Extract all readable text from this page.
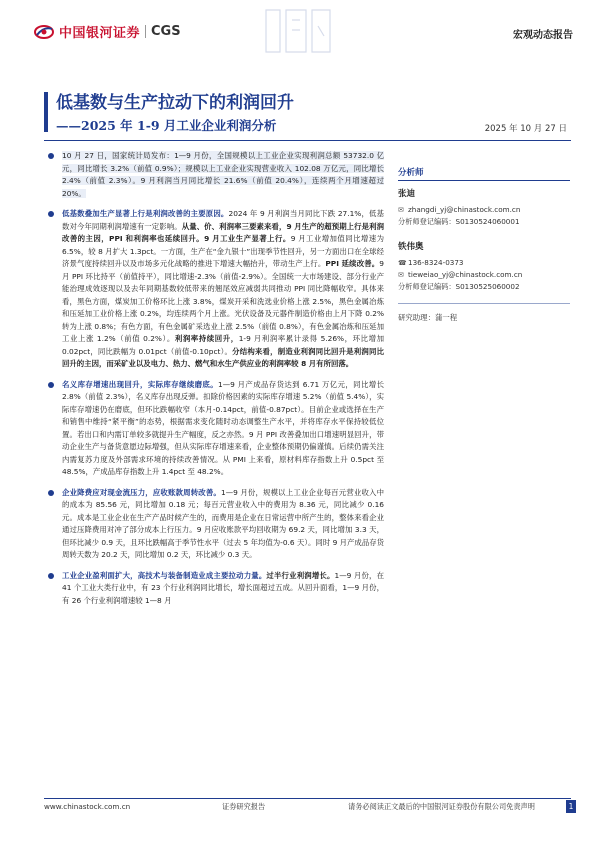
中国银河证券 CGS	宏观动态报告
低基数与生产拉动下的利润回升
——2025 年 1-9 月工业企业利润分析	2025 年 10 月 27 日
10 月 27 日，国家统计局发布：1—9 月份，全国规模以上工业企业实现利润总额 53732.0 亿元，同比增长 3.2%（前值 0.9%）；规模以上工业企业实现营业收入 102.08 万亿元，同比增长 2.4%（前值 2.3%）。9 月利润当月同比增长 21.6%（前值 20.4%），连续两个月增速超过 20%。
低基数叠加生产显著上行是利润改善的主要原因。2024 年 9 月利润当月同比下跌 27.1%，低基数对今年同期利润增速有一定影响。从量、价、利润率三要素来看，9 月生产的超预期上行是利润改善的主因，PPI 和利润率也延续回升。9 月工业生产显著上行。9 月工业增加值同比增速为 6.5%，较 8 月扩大 1.3pct。一方面，生产在“金九银十”出现季节性回升，另一方面出口在全球经济景气度持续回升以及市场多元化战略的推进下增速大幅抬升，带动生产上行。PPI 延续改善。9 月 PPI 环比持平（前值持平），同比增速-2.3%（前值-2.9%）。全国统一大市场建设、部分行业产能治理成效逐现以及去年同期基数较低带来的翘尾效应减弱共同推动 PPI 同比降幅收窄。具体来看，黑色方面，煤炭加工价格环比上涨 3.8%，煤炭开采和洗选业价格上涨 2.5%，黑色金属冶炼和压延加工业价格上涨 0.2%，均连续两个月上涨。光伏设备及元器件制造价格由上月下降 0.2%转为上涨 0.8%；有色方面，有色金属矿采选业上涨 2.5%（前值 0.8%），有色金属冶炼和压延加工业上涨 1.2%（前值 0.2%）。利润率持续回升，1-9 月利润率累计录得 5.26%，环比增加 0.02pct，同比跌幅为 0.01pct（前值-0.10pct）。分结构来看，制造业利润同比回升是利润同比回升的主因，而采矿业以及电力、热力、燃气和水生产供应业的利润率较 8 月有所回落。
名义库存增速出现回升，实际库存继续磨底。1—9 月产成品存货达到 6.71 万亿元，同比增长 2.8%（前值 2.3%），名义库存出现反弹。扣除价格因素的实际库存增速 5.2%（前值 5.4%），实际库存增速仍在磨底，但环比跌幅收窄（本月-0.14pct，前值-0.87pct）。目前企业或选择在生产和销售中维持“紧平衡”的态势，根据需求变化随时动态调整生产水平，并将库存水平保持较低位置。若出口和内需订单较多就提升生产幅度，反之亦然。9 月 PPI 改善叠加出口增速明显回升，带动企业生产与备货意愿边际增强，但从实际库存增速来看，企业整体预期仍偏谨慎。后续仍需关注内需复苏力度及外部需求环境的持续改善情况。从 PMI 上来看，原材料库存指数上升 0.5pct 至 48.5%，产成品库存指数上升 1.4pct 至 48.2%。
企业降费应对现金流压力，应收账款周转改善。1—9 月份，规模以上工业企业每百元营业收入中的成本为 85.56 元，同比增加 0.18 元；每百元营业收入中的费用为 8.36 元，同比减少 0.16 元。成本是工业企业在生产产品时候产生的，而费用是企业在日常运营中所产生的，整体来看企业通过压降费用对冲了部分成本上行压力。9 月应收账款平均回收期为 69.2 天，同比增加 3.3 天，但环比减少 0.9 天，且环比跌幅高于季节性水平（过去 5 年均值为-0.6 天）。同时 9 月产成品存货周转天数为 20.2 天，同比增加 0.2 天，环比减少 0.3 天。
工业企业盈利面扩大，高技术与装备制造业成主要拉动力量。过半行业利润增长。1—9 月份，在 41 个工业大类行业中，有 23 个行业利润同比增长，增长面超过五成。从回升面看，1—9 月份，有 26 个行业利润增速较 1—8 月
分析师
张迪
✉ zhangdi_yj@chinastock.com.cn
分析师登记编码：S0130524060001
铁伟奥
☎ 136-8324-0373
✉ tieweiao_yj@chinastock.com.cn
分析师登记编码：S0130525060002
研究助理：蒲一程
www.chinastock.com.cn	证券研究报告	请务必阅读正文最后的中国银河证券股份有限公司免责声明	1
